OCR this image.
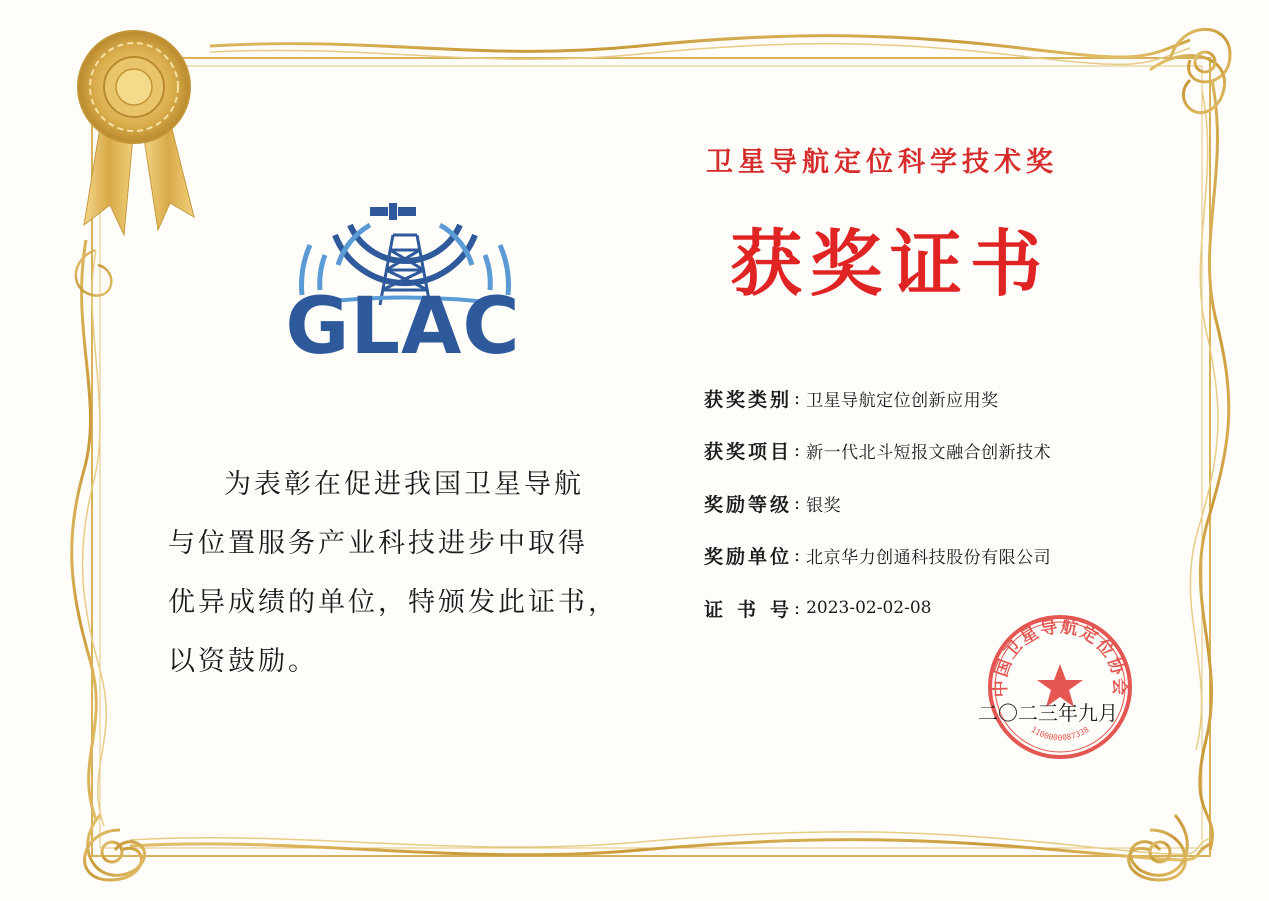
GLAC
卫星导航定位科学技术奖
获奖证书
获奖类别 : 卫星导航定位创新应用奖
获奖项目 : 新一代北斗短报文融合创新技术
奖励等级 : 银奖
奖励单位 : 北京华力创通科技股份有限公司
证书号 : 2023-02-02-08
为表彰在促进我国卫星导航
与位置服务产业科技进步中取得
优异成绩的单位，特颁发此证书，
以资鼓励。
中国卫星导航定位协会
1100000087338
二〇二三年九月
